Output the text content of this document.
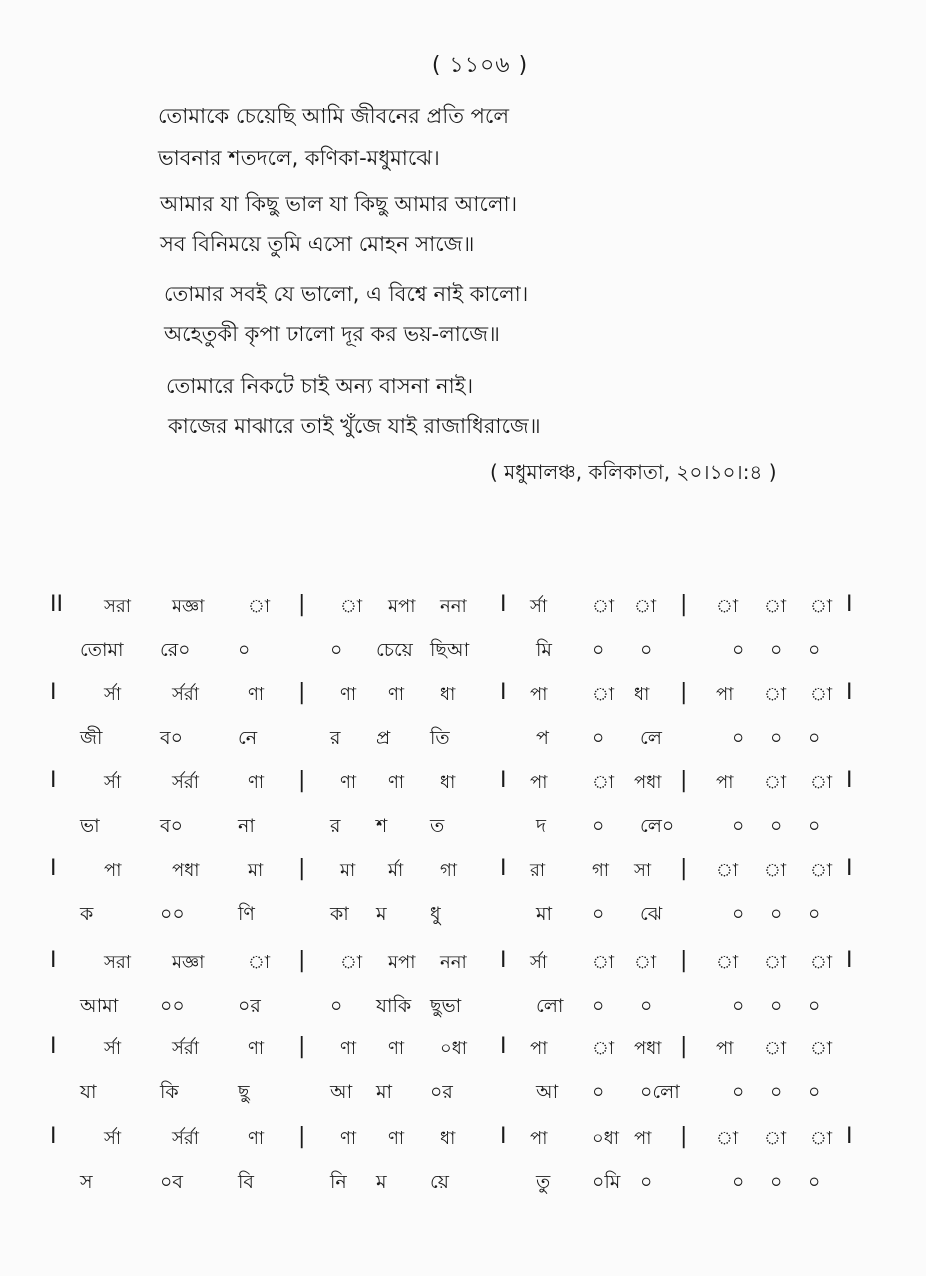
( ১১০৬ )
তোমাকে চেয়েছি আমি জীবনের প্রতি পলে
ভাবনার শতদলে, কণিকা-মধুমাঝে।
আমার যা কিছু ভাল যা কিছু আমার আলো।
সব বিনিময়ে তুমি এসো মোহন সাজে॥
তোমার সবই যে ভালো, এ বিশ্বে নাই কালো।
অহেতুকী কৃপা ঢালো দূর কর ভয়-লাজে॥
তোমারে নিকটে চাই অন্য বাসনা নাই।
কাজের মাঝারে তাই খুঁজে যাই রাজাধিরাজে॥
( মধুমালঞ্চ, কলিকাতা, ২০।১০।:৪ )
II সরা মজ্ঞা া | া মপা ননা I র্সা া া | া া া I
তোমা রে০ ০	০ চেয়ে ছিআ	মি ০ ০	০ ০ ০
I	র্সা	র্সর্রা	ণা | ণা ণা ধা I পা া ধা | পা া া I
জী	ব০	নে	র প্র তি	প ০ লে	০ ০ ০
I	র্সা	র্সর্রা	ণা | ণা ণা ধা I পা া পধা | পা া া I
ভা	ব০	না	র শ ত	দ ০ লে০	০ ০ ০
I	পা	পধা	মা | মা র্মা গা I রা	গা সা | া া া I
ক	০০	ণি	কা ম ধু	মা ০ ঝে	০ ০ ০
I	সরা মজ্ঞা া | া মপা ননা I র্সা া া | া া া I
আমা ০০	০র	০ যাকি ছুভা	লো ০ ০	০ ০ ০
I	র্সা	র্সর্রা	ণা | ণা ণা ০ধা I পা া পধা | পা া া
যা	কি	ছু	আ মা ০র	আ ০ ০লো	০ ০ ০
I	র্সা	র্সর্রা	ণা | ণা ণা ধা I পা ০ধা পা | া া া I
স	০ব	বি	নি ম য়ে	তু ০মি ০	০ ০ ০
